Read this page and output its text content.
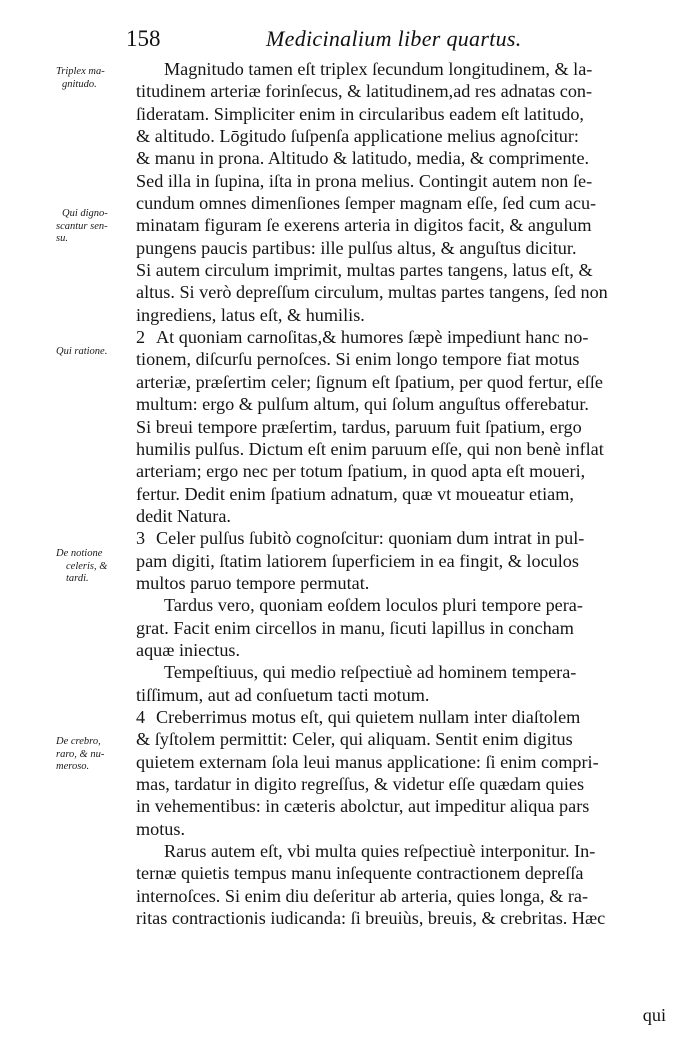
158	Medicinalium liber quartus.
Triplex ma-
gnitudo.
Qui digno-
scantur sen-
su.
Qui ratione.
De notione
celeris, &
tardi.
De crebro,
raro, & nu-
meroso.
Magnitudo tamen eſt triplex ſecundum longitudinem, & la-
titudinem arteriæ forinſecus, & latitudinem,ad res adnatas con-
ſideratam. Simpliciter enim in circularibus eadem eſt latitudo,
& altitudo. Lōgitudo ſuſpenſa applicatione melius agnoſcitur:
& manu in prona. Altitudo & latitudo, media, & comprimente.
Sed illa in ſupina, iſta in prona melius. Contingit autem non ſe-
cundum omnes dimenſiones ſemper magnam eſſe, ſed cum acu-
minatam figuram ſe exerens arteria in digitos facit, & angulum
pungens paucis partibus: ille pulſus altus, & anguſtus dicitur.
Si autem circulum imprimit, multas partes tangens, latus eſt, &
altus. Si verò depreſſum circulum, multas partes tangens, ſed non
ingrediens, latus eſt, & humilis.
2 At quoniam carnoſitas,& humores ſæpè impediunt hanc no-
tionem, diſcurſu pernoſces. Si enim longo tempore fiat motus
arteriæ, præſertim celer; ſignum eſt ſpatium, per quod fertur, eſſe
multum: ergo & pulſum altum, qui ſolum anguſtus offerebatur.
Si breui tempore præſertim, tardus, paruum fuit ſpatium, ergo
humilis pulſus. Dictum eſt enim paruum eſſe, qui non benè inflat
arteriam; ergo nec per totum ſpatium, in quod apta eſt moueri,
fertur. Dedit enim ſpatium adnatum, quæ vt moueatur etiam,
dedit Natura.
3 Celer pulſus ſubitò cognoſcitur: quoniam dum intrat in pul-
pam digiti, ſtatim latiorem ſuperficiem in ea fingit, & loculos
multos paruo tempore permutat.
Tardus vero, quoniam eoſdem loculos pluri tempore pera-
grat. Facit enim circellos in manu, ſicuti lapillus in concham
aquæ iniectus.
Tempeſtiuus, qui medio reſpectiuè ad hominem tempera-
tiſſimum, aut ad conſuetum tacti motum.
4 Creberrimus motus eſt, qui quietem nullam inter diaſtolem
& ſyſtolem permittit: Celer, qui aliquam. Sentit enim digitus
quietem externam ſola leui manus applicatione: ſi enim compri-
mas, tardatur in digito regreſſus, & videtur eſſe quædam quies
in vehementibus: in cæteris abolctur, aut impeditur aliqua pars
motus.
Rarus autem eſt, vbi multa quies reſpectiuè interponitur. In-
ternæ quietis tempus manu inſequente contractionem depreſſa
internoſces. Si enim diu deſeritur ab arteria, quies longa, & ra-
ritas contractionis iudicanda: ſi breuiùs, breuis, & crebritas. Hæc
qui
